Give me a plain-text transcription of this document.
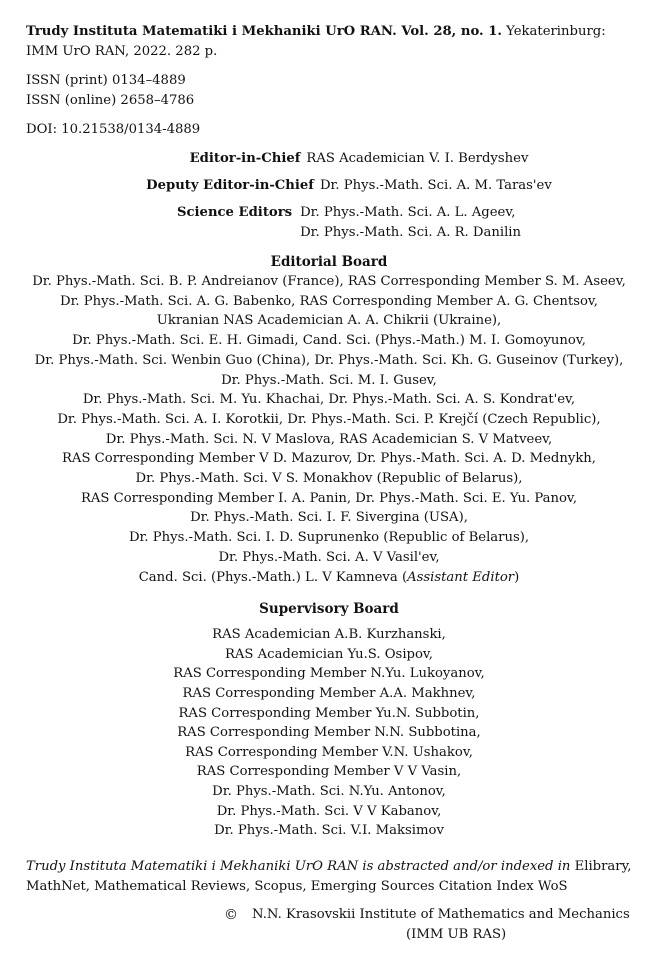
Trudy Instituta Matematiki i Mekhaniki UrO RAN. Vol. 28, no. 1. Yekaterinburg:
IMM UrO RAN, 2022. 282 p.
ISSN (print) 0134–4889
ISSN (online) 2658–4786
DOI: 10.21538/0134-4889
Editor-in-Chief RAS Academician V. I. Berdyshev
Deputy Editor-in-Chief Dr. Phys.-Math. Sci. A. M. Taras'ev
Science Editors Dr. Phys.-Math. Sci. A. L. Ageev,
Dr. Phys.-Math. Sci. A. R. Danilin
Editorial Board
Dr. Phys.-Math. Sci. B. P. Andreianov (France), RAS Corresponding Member S. M. Aseev,
Dr. Phys.-Math. Sci. A. G. Babenko, RAS Corresponding Member A. G. Chentsov,
Ukranian NAS Academician A. A. Chikrii (Ukraine),
Dr. Phys.-Math. Sci. E. H. Gimadi, Cand. Sci. (Phys.-Math.) M. I. Gomoyunov,
Dr. Phys.-Math. Sci. Wenbin Guo (China), Dr. Phys.-Math. Sci. Kh. G. Guseinov (Turkey),
Dr. Phys.-Math. Sci. M. I. Gusev,
Dr. Phys.-Math. Sci. M. Yu. Khachai, Dr. Phys.-Math. Sci. A. S. Kondrat'ev,
Dr. Phys.-Math. Sci. A. I. Korotkii, Dr. Phys.-Math. Sci. P. Krejčí (Czech Republic),
Dr. Phys.-Math. Sci. N. V Maslova, RAS Academician S. V Matveev,
RAS Corresponding Member V D. Mazurov, Dr. Phys.-Math. Sci. A. D. Mednykh,
Dr. Phys.-Math. Sci. V S. Monakhov (Republic of Belarus),
RAS Corresponding Member I. A. Panin, Dr. Phys.-Math. Sci. E. Yu. Panov,
Dr. Phys.-Math. Sci. I. F. Sivergina (USA),
Dr. Phys.-Math. Sci. I. D. Suprunenko (Republic of Belarus),
Dr. Phys.-Math. Sci. A. V Vasil'ev,
Cand. Sci. (Phys.-Math.) L. V Kamneva (Assistant Editor)
Supervisory Board
RAS Academician A.B. Kurzhanski,
RAS Academician Yu.S. Osipov,
RAS Corresponding Member N.Yu. Lukoyanov,
RAS Corresponding Member A.A. Makhnev,
RAS Corresponding Member Yu.N. Subbotin,
RAS Corresponding Member N.N. Subbotina,
RAS Corresponding Member V.N. Ushakov,
RAS Corresponding Member V V Vasin,
Dr. Phys.-Math. Sci. N.Yu. Antonov,
Dr. Phys.-Math. Sci. V V Kabanov,
Dr. Phys.-Math. Sci. V.I. Maksimov
Trudy Instituta Matematiki i Mekhaniki UrO RAN is abstracted and/or indexed in Elibrary, MathNet, Mathematical Reviews, Scopus, Emerging Sources Citation Index WoS
© N.N. Krasovskii Institute of Mathematics and Mechanics
(IMM UB RAS)
